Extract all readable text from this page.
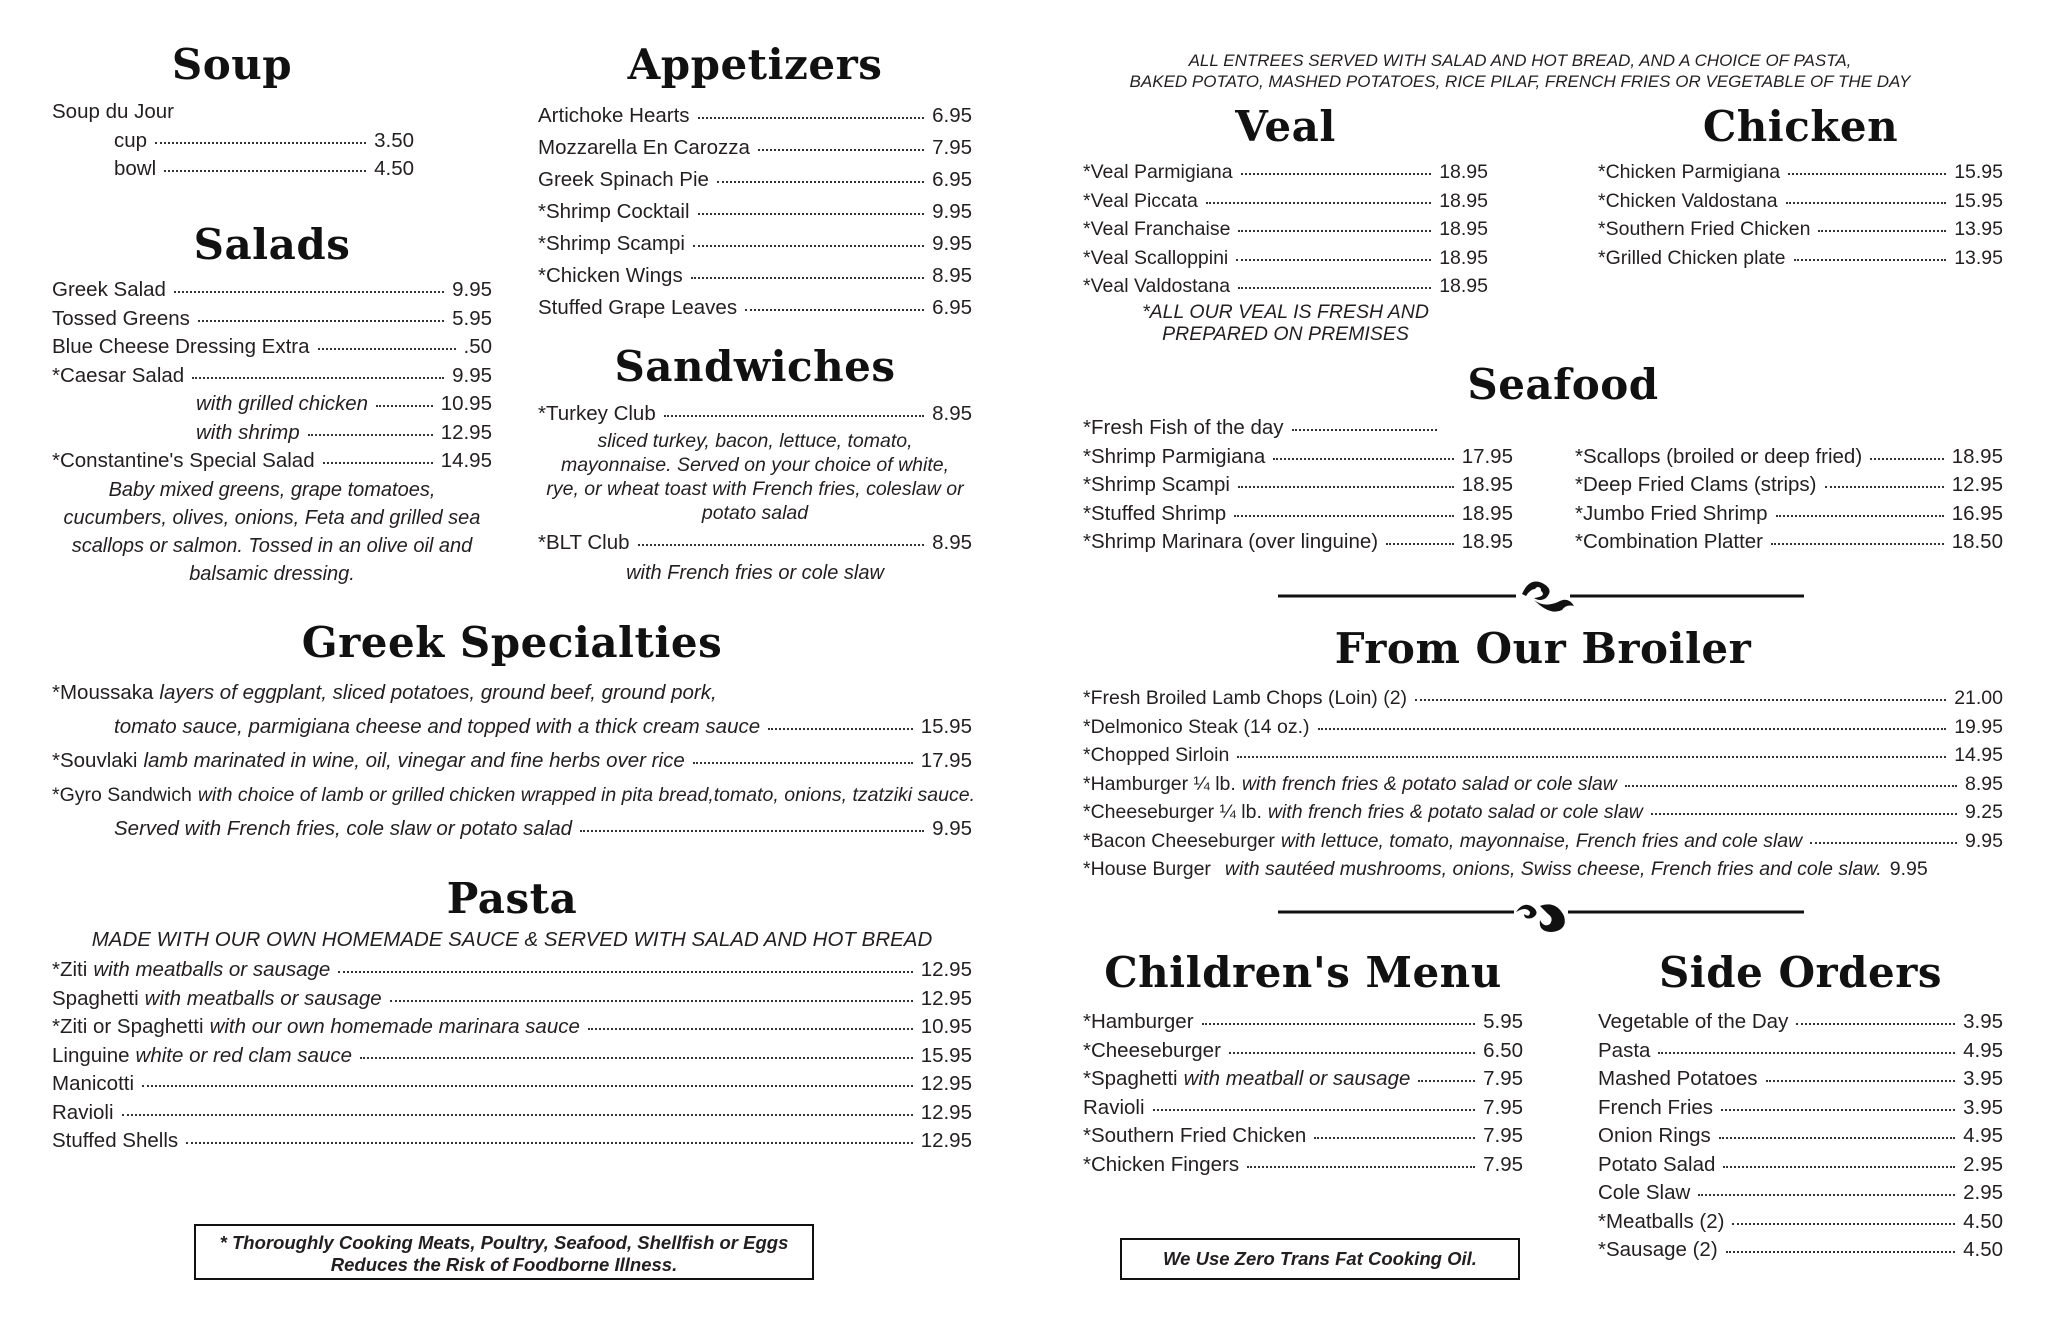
Soup
Soup du Jour
cup	3.50
bowl	4.50
Salads
Greek Salad	9.95
Tossed Greens	5.95
Blue Cheese Dressing Extra	.50
*Caesar Salad	9.95
with grilled chicken	10.95
with shrimp	12.95
*Constantine's Special Salad	14.95

Baby mixed greens, grape tomatoes, cucumbers, olives, onions, Feta and grilled sea scallops or salmon. Tossed in an olive oil and balsamic dressing.

Appetizers
Artichoke Hearts	6.95
Mozzarella En Carozza	7.95
Greek Spinach Pie	6.95
*Shrimp Cocktail	9.95
*Shrimp Scampi	9.95
*Chicken Wings	8.95
Stuffed Grape Leaves	6.95
Sandwiches
*Turkey Club	8.95

sliced turkey, bacon, lettuce, tomato, mayonnaise. Served on your choice of white, rye, or wheat toast with French fries, coleslaw or potato salad

*BLT Club	8.95

with French fries or cole slaw

Greek Specialties
*Moussaka layers of eggplant, sliced potatoes, ground beef, ground pork,
tomato sauce, parmigiana cheese and topped with a thick cream sauce	15.95
*Souvlaki lamb marinated in wine, oil, vinegar and fine herbs over rice	17.95
*Gyro Sandwich with choice of lamb or grilled chicken wrapped in pita bread,tomato, onions, tzatziki sauce.
Served with French fries, cole slaw or potato salad	9.95
Pasta
MADE WITH OUR OWN HOMEMADE SAUCE & SERVED WITH SALAD AND HOT BREAD
*Ziti with meatballs or sausage	12.95
Spaghetti with meatballs or sausage	12.95
*Ziti or Spaghetti with our own homemade marinara sauce	10.95
Linguine white or red clam sauce	15.95
Manicotti	12.95
Ravioli	12.95
Stuffed Shells	12.95
* Thoroughly Cooking Meats, Poultry, Seafood, Shellfish or Eggs Reduces the Risk of Foodborne Illness.
ALL ENTREES SERVED WITH SALAD AND HOT BREAD, AND A CHOICE OF PASTA,
BAKED POTATO, MASHED POTATOES, RICE PILAF, FRENCH FRIES OR VEGETABLE OF THE DAY
Veal
*Veal Parmigiana	18.95
*Veal Piccata	18.95
*Veal Franchaise	18.95
*Veal Scalloppini	18.95
*Veal Valdostana	18.95

*ALL OUR VEAL IS FRESH AND PREPARED ON PREMISES

Chicken
*Chicken Parmigiana	15.95
*Chicken Valdostana	15.95
*Southern Fried Chicken	13.95
*Grilled Chicken plate	13.95
Seafood
*Fresh Fish of the day
*Shrimp Parmigiana	17.95
*Shrimp Scampi	18.95
*Stuffed Shrimp	18.95
*Shrimp Marinara (over linguine)	18.95
*Scallops (broiled or deep fried)	18.95
*Deep Fried Clams (strips)	12.95
*Jumbo Fried Shrimp	16.95
*Combination Platter	18.50
From Our Broiler
*Fresh Broiled Lamb Chops (Loin) (2)	21.00
*Delmonico Steak (14 oz.)	19.95
*Chopped Sirloin	14.95
*Hamburger ¼ lb. with french fries & potato salad or cole slaw	8.95
*Cheeseburger ¼ lb. with french fries & potato salad or cole slaw	9.25
*Bacon Cheeseburger with lettuce, tomato, mayonnaise, French fries and cole slaw	9.95
*House Burger with sautéed mushrooms, onions, Swiss cheese, French fries and cole slaw. 9.95
Children's Menu
*Hamburger	5.95
*Cheeseburger	6.50
*Spaghetti with meatball or sausage	7.95
Ravioli	7.95
*Southern Fried Chicken	7.95
*Chicken Fingers	7.95
Side Orders
Vegetable of the Day	3.95
Pasta	4.95
Mashed Potatoes	3.95
French Fries	3.95
Onion Rings	4.95
Potato Salad	2.95
Cole Slaw	2.95
*Meatballs (2)	4.50
*Sausage (2)	4.50
We Use Zero Trans Fat Cooking Oil.
